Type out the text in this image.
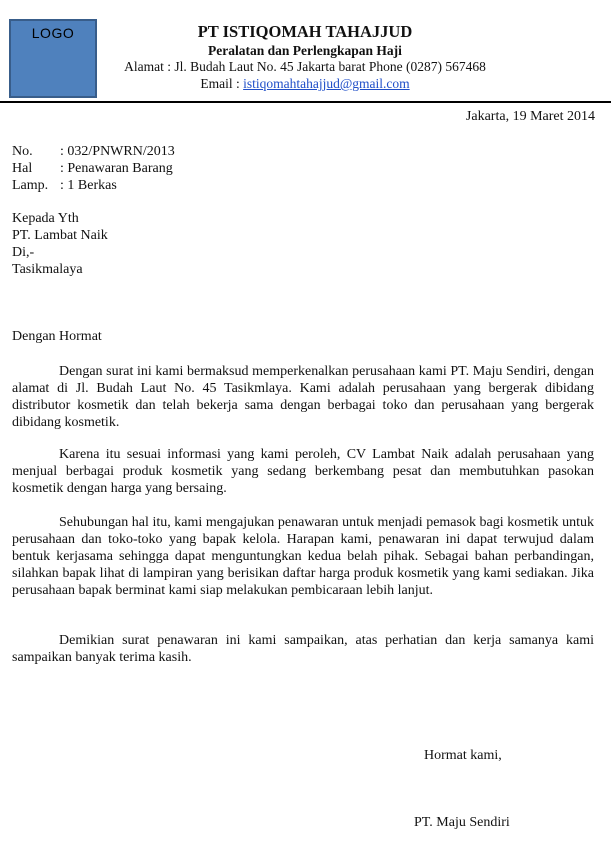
LOGO	PT ISTIQOMAH TAHAJJUD
Peralatan dan Perlengkapan Haji
Alamat : Jl. Budah Laut No. 45 Jakarta barat Phone (0287) 567468
Email : istiqomahtahajjud@gmail.com
Jakarta, 19 Maret 2014
No. : 032/PNWRN/2013
Hal : Penawaran Barang
Lamp. : 1 Berkas
Kepada Yth
PT. Lambat Naik
Di,-
Tasikmalaya
Dengan Hormat

Dengan surat ini kami bermaksud memperkenalkan perusahaan kami PT. Maju Sendiri, dengan alamat di Jl. Budah Laut No. 45 Tasikmlaya. Kami adalah perusahaan yang bergerak dibidang distributor kosmetik dan telah bekerja sama dengan berbagai toko dan perusahaan yang bergerak dibidang kosmetik.

Karena itu sesuai informasi yang kami peroleh, CV Lambat Naik adalah perusahaan yang menjual berbagai produk kosmetik yang sedang berkembang pesat dan membutuhkan pasokan kosmetik dengan harga yang bersaing.

Sehubungan hal itu, kami mengajukan penawaran untuk menjadi pemasok bagi kosmetik untuk perusahaan dan toko-toko yang bapak kelola. Harapan kami, penawaran ini dapat terwujud dalam bentuk kerjasama sehingga dapat menguntungkan kedua belah pihak. Sebagai bahan perbandingan, silahkan bapak lihat di lampiran yang berisikan daftar harga produk kosmetik yang kami sediakan. Jika perusahaan bapak berminat kami siap melakukan pembicaraan lebih lanjut.

Demikian surat penawaran ini kami sampaikan, atas perhatian dan kerja samanya kami sampaikan banyak terima kasih.

Hormat kami,
PT. Maju Sendiri
